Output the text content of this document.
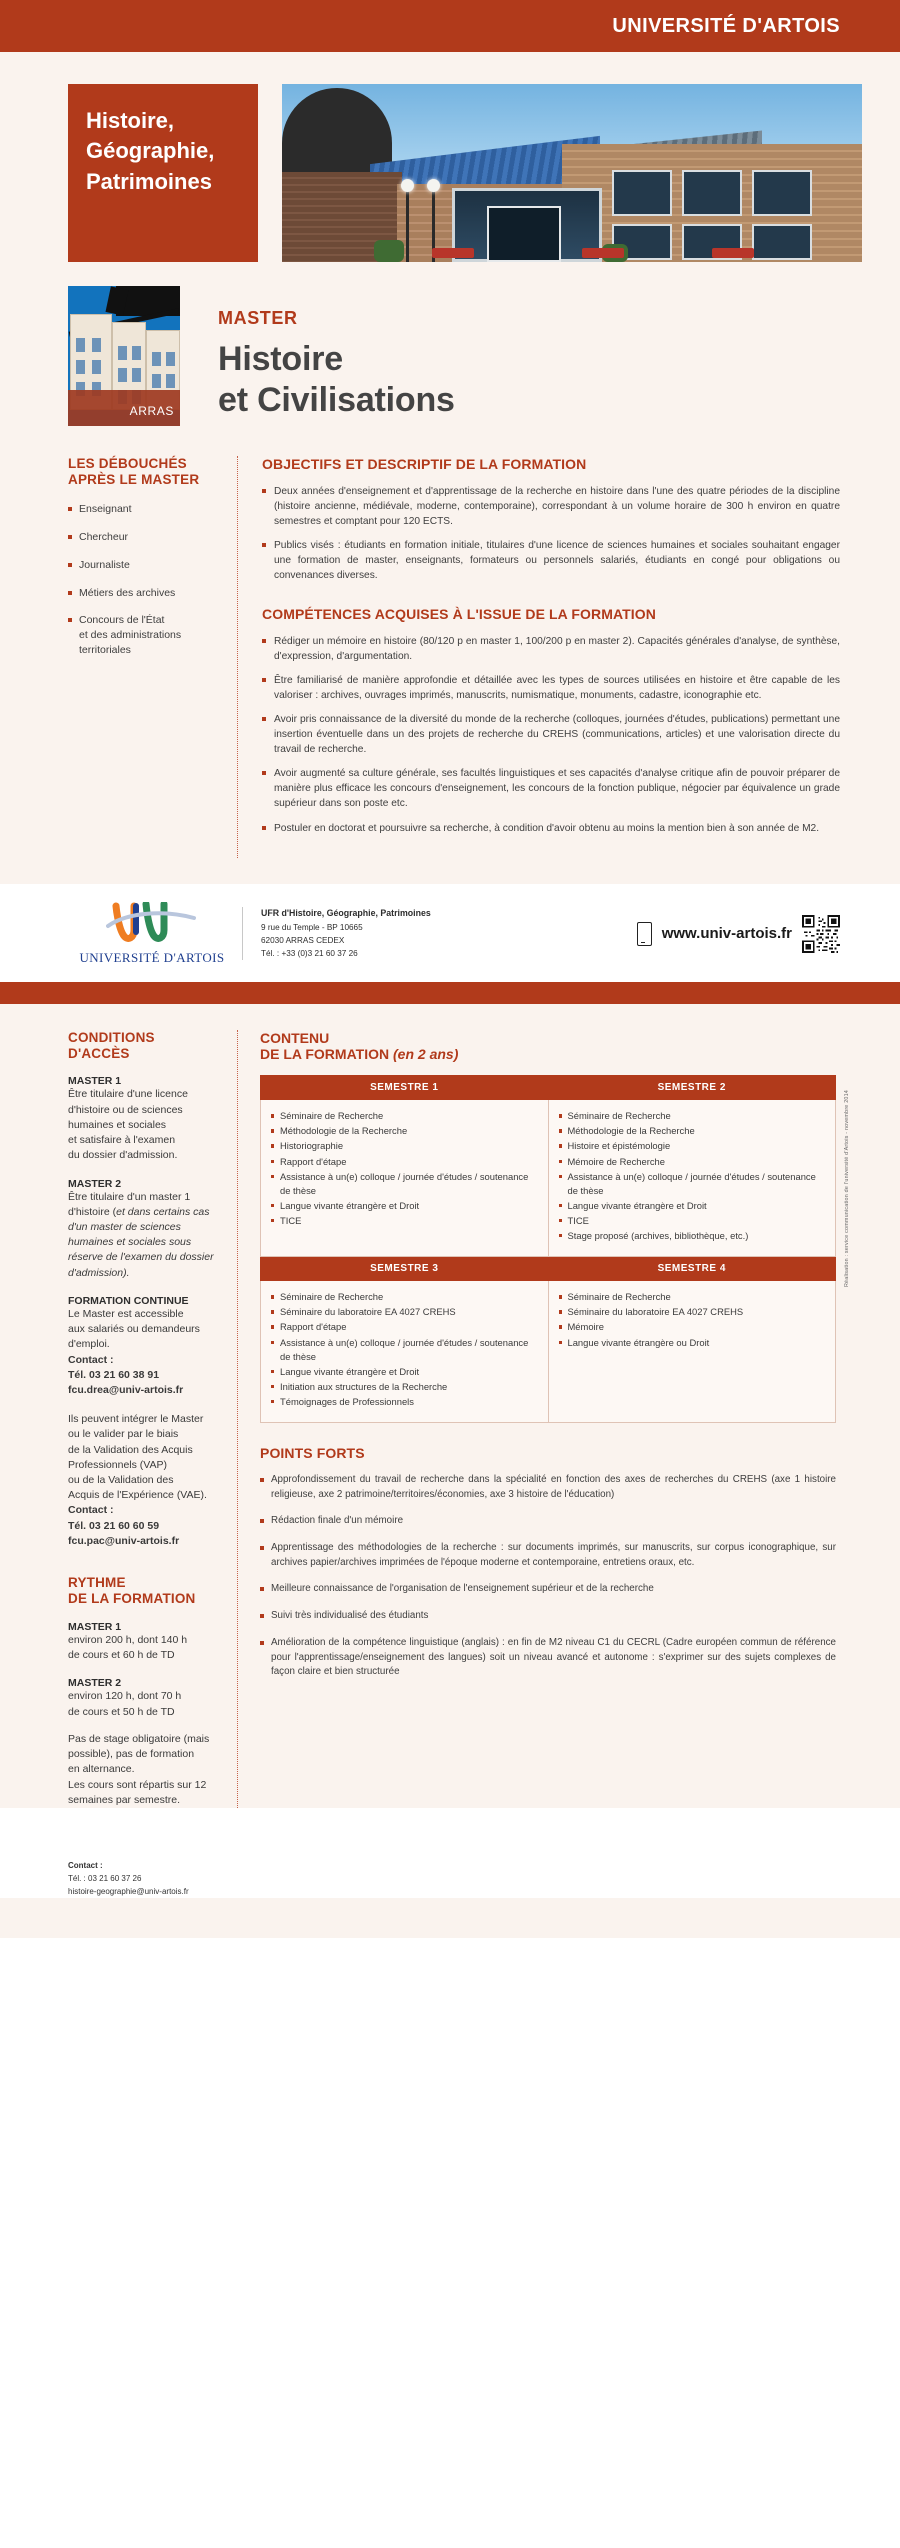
UNIVERSITÉ D'ARTOIS
Histoire,
Géographie,
Patrimoines
ARRAS
MASTER
Histoire
et Civilisations
LES DÉBOUCHÉS
APRÈS LE MASTER
Enseignant
Chercheur
Journaliste
Métiers des archives
Concours de l'État
et des administrations
territoriales
OBJECTIFS ET DESCRIPTIF DE LA FORMATION
Deux années d'enseignement et d'apprentissage de la recherche en histoire dans l'une des quatre périodes de la discipline (histoire ancienne, médiévale, moderne, contemporaine), correspondant à un volume horaire de 300 h environ en quatre semestres et comptant pour 120 ECTS.
Publics visés : étudiants en formation initiale, titulaires d'une licence de sciences humaines et sociales souhaitant engager une formation de master, enseignants, formateurs ou personnels salariés, étudiants en congé pour obligations ou convenances diverses.
COMPÉTENCES ACQUISES À L'ISSUE DE LA FORMATION
Rédiger un mémoire en histoire (80/120 p en master 1, 100/200 p en master 2). Capacités générales d'analyse, de synthèse, d'expression, d'argumentation.
Être familiarisé de manière approfondie et détaillée avec les types de sources utilisées en histoire et être capable de les valoriser : archives, ouvrages imprimés, manuscrits, numismatique, monuments, cadastre, iconographie etc.
Avoir pris connaissance de la diversité du monde de la recherche (colloques, journées d'études, publications) permettant une insertion éventuelle dans un des projets de recherche du CREHS (communications, articles) et une valorisation directe du travail de recherche.
Avoir augmenté sa culture générale, ses facultés linguistiques et ses capacités d'analyse critique afin de pouvoir préparer de manière plus efficace les concours d'enseignement, les concours de la fonction publique, négocier par équivalence un grade supérieur dans son poste etc.
Postuler en doctorat et poursuivre sa recherche, à condition d'avoir obtenu au moins la mention bien à son année de M2.
UNIVERSITÉ D'ARTOIS
UFR d'Histoire, Géographie, Patrimoines
9 rue du Temple - BP 10665
62030 ARRAS CEDEX
Tél. : +33 (0)3 21 60 37 26
www.univ-artois.fr
CONDITIONS
D'ACCÈS
MASTER 1
Être titulaire d'une licence
d'histoire ou de sciences
humaines et sociales
et satisfaire à l'examen
du dossier d'admission.
MASTER 2
Être titulaire d'un master 1 d'histoire (et dans certains cas d'un master de sciences humaines et sociales sous réserve de l'examen du dossier d'admission).
FORMATION CONTINUE
Le Master est accessible
aux salariés ou demandeurs
d'emploi.
Contact :
Tél. 03 21 60 38 91
fcu.drea@univ-artois.fr
Ils peuvent intégrer le Master
ou le valider par le biais
de la Validation des Acquis
Professionnels (VAP)
ou de la Validation des
Acquis de l'Expérience (VAE).
Contact :
Tél. 03 21 60 60 59
fcu.pac@univ-artois.fr
RYTHME
DE LA FORMATION
MASTER 1
environ 200 h, dont 140 h
de cours et 60 h de TD
MASTER 2
environ 120 h, dont 70 h
de cours et 50 h de TD
Pas de stage obligatoire (mais
possible), pas de formation
en alternance.
Les cours sont répartis sur 12
semaines par semestre.
CONTENU
DE LA FORMATION (en 2 ans)
SEMESTRE 1	SEMESTRE 2

Séminaire de Recherche
Méthodologie de la Recherche
Historiographie
Rapport d'étape
Assistance à un(e) colloque / journée d'études / soutenance de thèse
Langue vivante étrangère et Droit
TICE

Séminaire de Recherche
Méthodologie de la Recherche
Histoire et épistémologie
Mémoire de Recherche
Assistance à un(e) colloque / journée d'études / soutenance de thèse
Langue vivante étrangère et Droit
TICE
Stage proposé (archives, bibliothèque, etc.)

SEMESTRE 3	SEMESTRE 4

Séminaire de Recherche
Séminaire du laboratoire EA 4027 CREHS
Rapport d'étape
Assistance à un(e) colloque / journée d'études / soutenance de thèse
Langue vivante étrangère et Droit
Initiation aux structures de la Recherche
Témoignages de Professionnels

Séminaire de Recherche
Séminaire du laboratoire EA 4027 CREHS
Mémoire
Langue vivante étrangère ou Droit
POINTS FORTS
Approfondissement du travail de recherche dans la spécialité en fonction des axes de recherches du CREHS (axe 1 histoire religieuse, axe 2 patrimoine/territoires/économies, axe 3 histoire de l'éducation)
Rédaction finale d'un mémoire
Apprentissage des méthodologies de la recherche : sur documents imprimés, sur manuscrits, sur corpus iconographique, sur archives papier/archives imprimées de l'époque moderne et contemporaine, entretiens oraux, etc.
Meilleure connaissance de l'organisation de l'enseignement supérieur et de la recherche
Suivi très individualisé des étudiants
Amélioration de la compétence linguistique (anglais) : en fin de M2 niveau C1 du CECRL (Cadre européen commun de référence pour l'apprentissage/enseignement des langues) soit un niveau avancé et autonome : s'exprimer sur des sujets complexes de façon claire et bien structurée
Réalisation : service communication de l'université d'Artois - novembre 2014
Contact :
Tél. : 03 21 60 37 26
histoire-geographie@univ-artois.fr
